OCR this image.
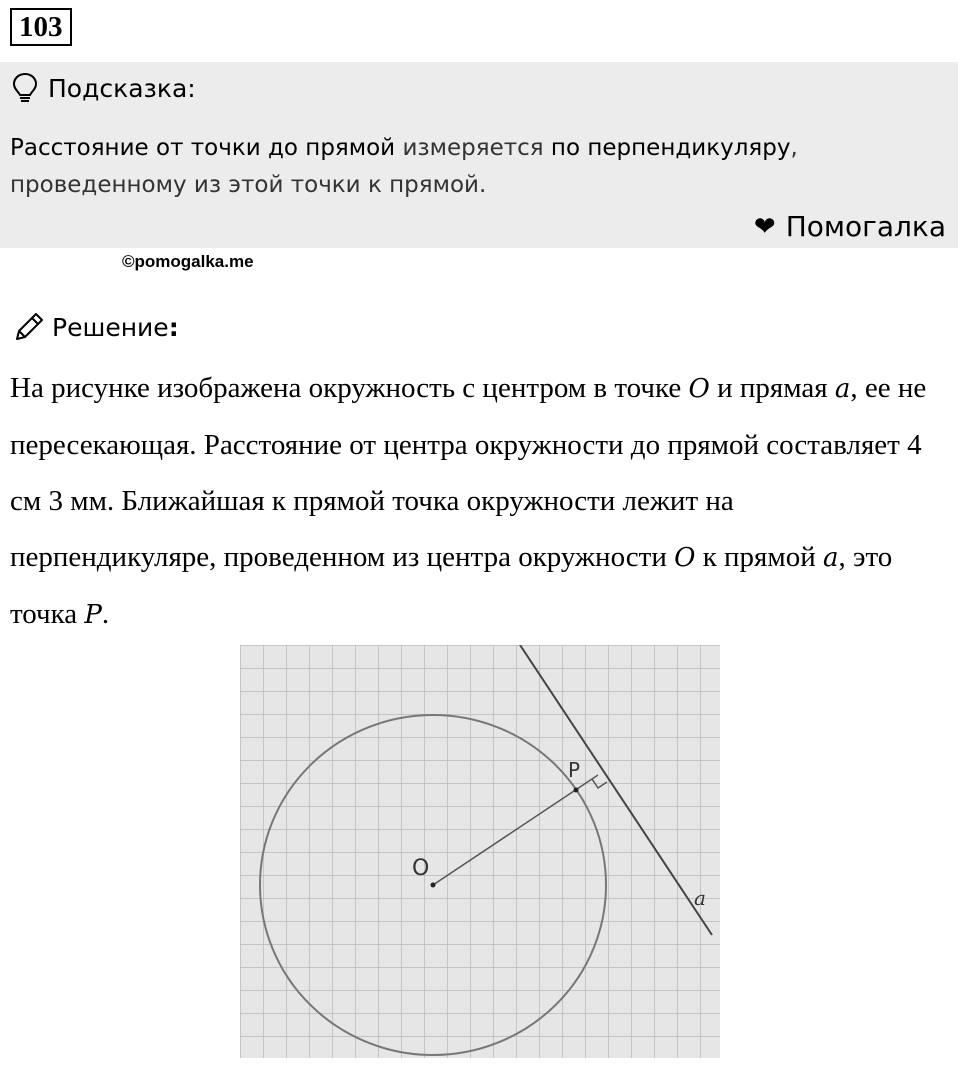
103
Подсказка:
Расстояние от точки до прямой измеряется по перпендикуляру,
проведенному из этой точки к прямой.
❤ Помогалка
©pomogalka.me
Решение :
На рисунке изображена окружность с центром в точке O и прямая a, ее не пересекающая. Расстояние от центра окружности до прямой составляет 4 см 3 мм. Ближайшая к прямой точка окружности лежит на перпендикуляре, проведенном из центра окружности O к прямой a, это точка P.
O
P
a
